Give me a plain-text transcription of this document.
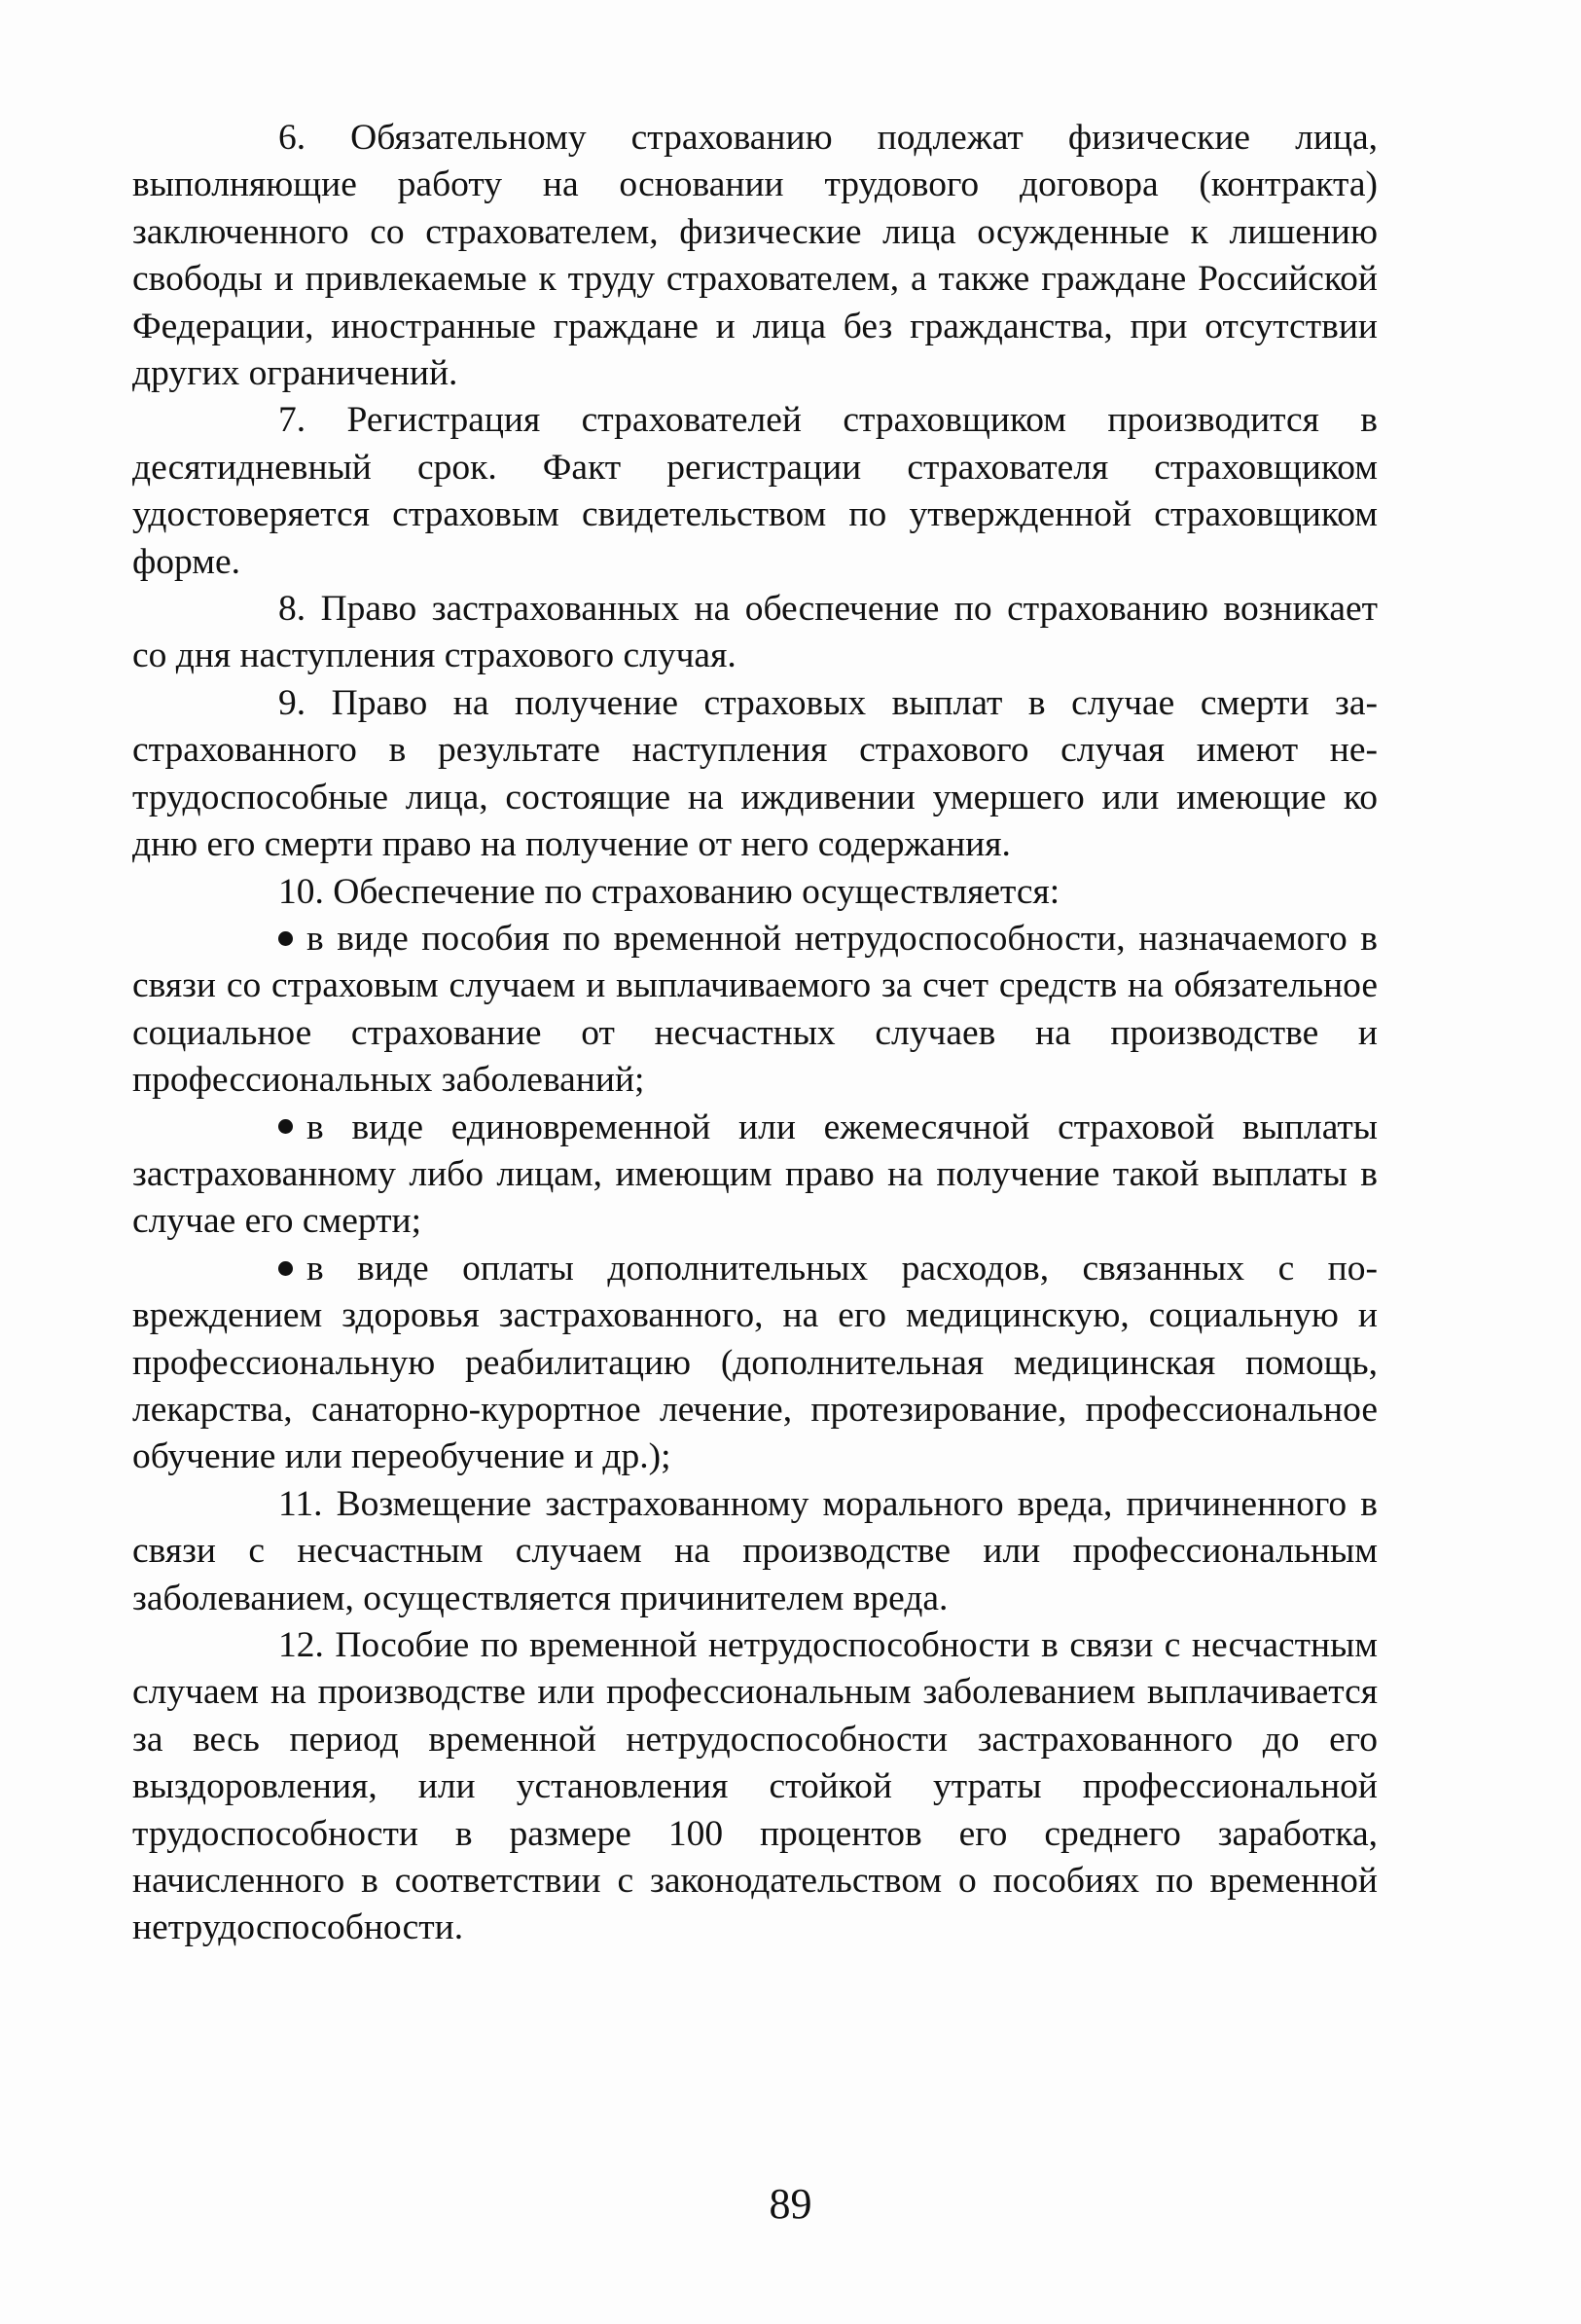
6. Обязательному страхованию подлежат физические лица, выполняющие работу на основании трудового договора (контракта) заключенного со страхователем, физические лица осужденные к лишению свободы и привлекаемые к труду страхователем, а также граждане Российской Федерации, иностранные граждане и лица без гражданства, при отсутствии других ограничений.

7. Регистрация страхователей страховщиком производится в десятидневный срок. Факт регистрации страхователя страховщиком удостоверяется страховым свидетельством по утвержденной страховщиком форме.

8. Право застрахованных на обеспечение по страхованию возникает со дня наступления страхового случая.

9. Право на получение страховых выплат в случае смерти застрахованного в результате наступления страхового случая имеют нетрудоспособные лица, состоящие на иждивении умершего или имеющие ко дню его смерти право на получение от него содержания.

10. Обеспечение по страхованию осуществляется:

в виде пособия по временной нетрудоспособности, назначаемого в связи со страховым случаем и выплачиваемого за счет средств на обязательное социальное страхование от несчастных случаев на производстве и профессиональных заболеваний;

в виде единовременной или ежемесячной страховой выплаты застрахованному либо лицам, имеющим право на получение такой выплаты в случае его смерти;

в виде оплаты дополнительных расходов, связанных с повреждением здоровья застрахованного, на его медицинскую, социальную и профессиональную реабилитацию (дополнительная медицинская помощь, лекарства, санаторно-курортное лечение, протезирование, профессиональное обучение или переобучение и др.);

11. Возмещение застрахованному морального вреда, причиненного в связи с несчастным случаем на производстве или профессиональным заболеванием, осуществляется причинителем вреда.

12. Пособие по временной нетрудоспособности в связи с несчастным случаем на производстве или профессиональным заболеванием выплачивается за весь период временной нетрудоспособности застрахованного до его выздоровления, или установления стойкой утраты профессиональной трудоспособности в размере 100 процентов его среднего заработка, начисленного в соответствии с законодательством о пособиях по временной нетрудоспособности.

89
